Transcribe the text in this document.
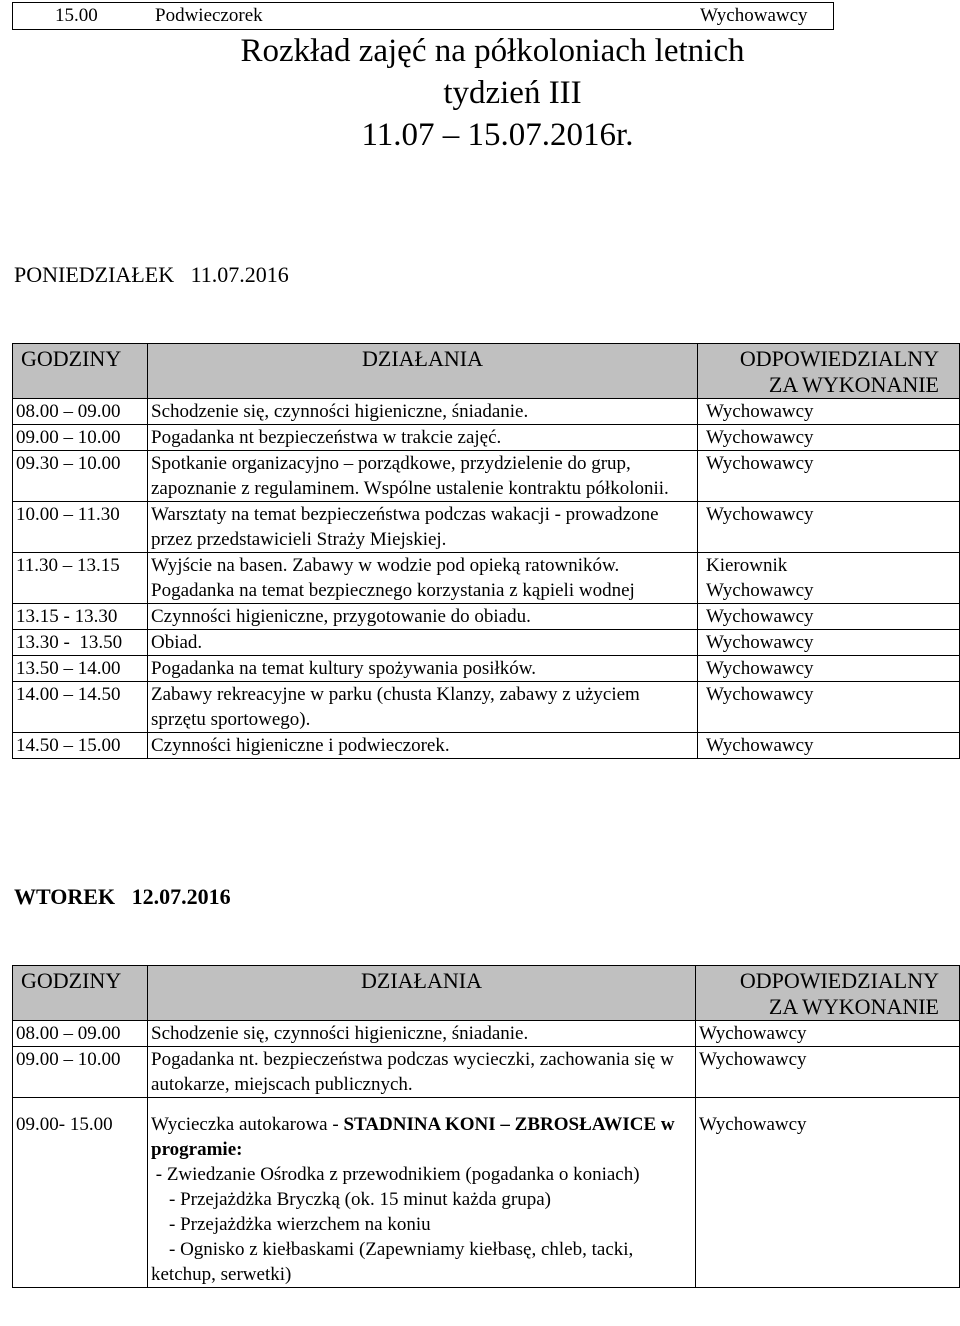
15.00	Podwieczorek	Wychowawcy
Rozkład zajęć na półkoloniach letnich
tydzień III
11.07 – 15.07.2016r.
PONIEDZIAŁEK   11.07.2016
GODZINY	DZIAŁANIA	ODPOWIEDZIALNY
ZA WYKONANIE

08.00 – 09.00	Schodzenie się, czynności higieniczne, śniadanie.	Wychowawcy
09.00 – 10.00	Pogadanka nt bezpieczeństwa w trakcie zajęć.	Wychowawcy
09.30 – 10.00	Spotkanie organizacyjno – porządkowe, przydzielenie do grup, zapoznanie z regulaminem. Wspólne ustalenie kontraktu półkolonii.	Wychowawcy
10.00 – 11.30	Warsztaty na temat bezpieczeństwa podczas wakacji - prowadzone przez przedstawicieli Straży Miejskiej.	Wychowawcy
11.30 – 13.15	Wyjście na basen. Zabawy w wodzie pod opieką ratowników. Pogadanka na temat bezpiecznego korzystania z kąpieli wodnej	Kierownik
Wychowawcy

13.15 - 13.30	Czynności higieniczne, przygotowanie do obiadu.	Wychowawcy
13.30 -  13.50	Obiad.	Wychowawcy
13.50 – 14.00	Pogadanka na temat kultury spożywania posiłków.	Wychowawcy
14.00 – 14.50	Zabawy rekreacyjne w parku (chusta Klanzy, zabawy z użyciem sprzętu sportowego).	Wychowawcy
14.50 – 15.00	Czynności higieniczne i podwieczorek.	Wychowawcy
WTOREK   12.07.2016
GODZINY	DZIAŁANIA	ODPOWIEDZIALNY
ZA WYKONANIE

08.00 – 09.00	Schodzenie się, czynności higieniczne, śniadanie.	Wychowawcy
09.00 – 10.00	Pogadanka nt. bezpieczeństwa podczas wycieczki, zachowania się w autokarze, miejscach publicznych.	Wychowawcy
09.00- 15.00	Wycieczka autokarowa - STADNINA KONI – ZBROSŁAWICE w programie:
- Zwiedzanie Ośrodka z przewodnikiem (pogadanka o koniach)
- Przejażdżka Bryczką (ok. 15 minut każda grupa)
- Przejażdżka wierzchem na koniu
- Ognisko z kiełbaskami (Zapewniamy kiełbasę, chleb, tacki, ketchup, serwetki)	Wychowawcy
